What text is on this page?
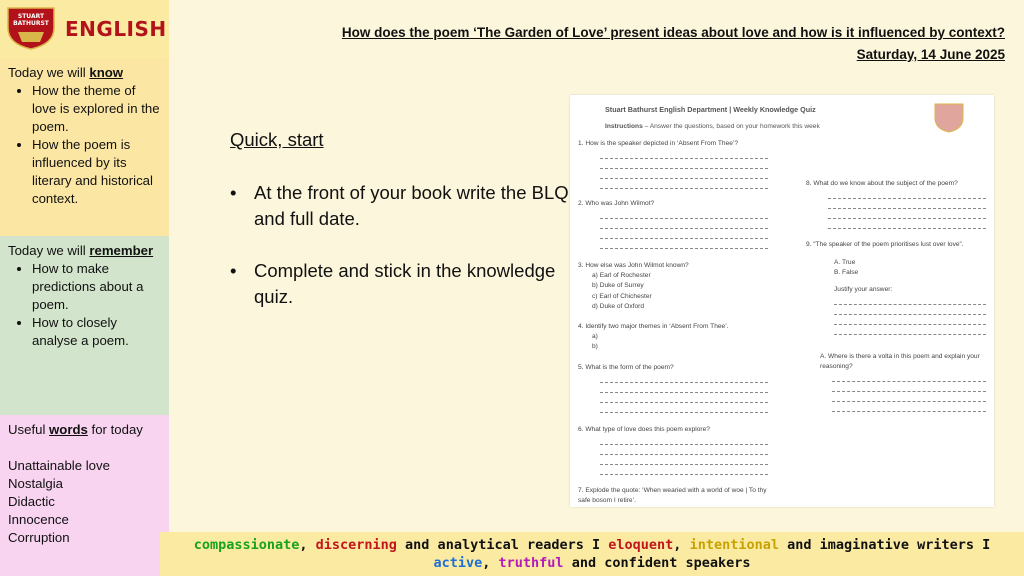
STUART
BATHURST ENGLISH
Today we will know
• How the theme of love is explored in the poem.
• How the poem is influenced by its literary and historical context.
Today we will remember
• How to make predictions about a poem.
• How to closely analyse a poem.
Useful words for today
Unattainable love
Nostalgia
Didactic
Innocence
Corruption
How does the poem ‘The Garden of Love’ present ideas about love and how is it influenced by context?
Saturday, 14 June 2025
Quick, start
• At the front of your book write the BLQ and full date.
• Complete and stick in the knowledge quiz.
Stuart Bathurst English Department | Weekly Knowledge Quiz
Instructions – Answer the questions, based on your homework this week
1. How is the speaker depicted in ‘Absent From Thee’?
2. Who was John Wilmot?
3. How else was John Wilmot known?
a) Earl of Rochester
b) Duke of Surrey
c) Earl of Chichester
d) Duke of Oxford
4. Identify two major themes in ‘Absent From Thee’.
a)
b)
5. What is the form of the poem?
6. What type of love does this poem explore?
7. Explode the quote: ‘When wearied with a world of woe | To thy safe bosom I retire’.
8. What do we know about the subject of the poem?
9. “The speaker of the poem prioritises lust over love”.
A. True
B. False
Justify your answer:
A. Where is there a volta in this poem and explain your reasoning?
compassionate, discerning and analytical readers I eloquent, intentional and imaginative writers I
active, truthful and confident speakers
